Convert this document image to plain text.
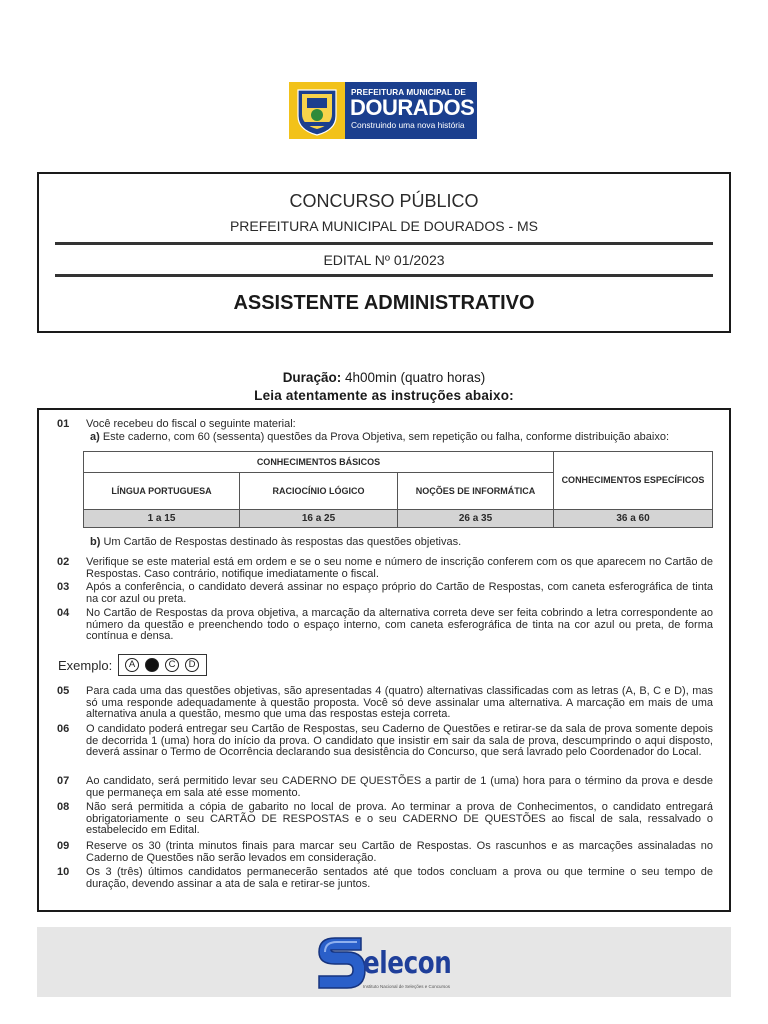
PREFEITURA MUNICIPAL DE
DOURADOS
Construindo uma nova história
CONCURSO PÚBLICO
PREFEITURA MUNICIPAL DE DOURADOS - MS
EDITAL Nº 01/2023
ASSISTENTE ADMINISTRATIVO
Duração: 4h00min (quatro horas)
Leia atentamente as instruções abaixo:
01 Você recebeu do fiscal o seguinte material:
a) Este caderno, com 60 (sessenta) questões da Prova Objetiva, sem repetição ou falha, conforme distribuição abaixo:
CONHECIMENTOS BÁSICOS			CONHECIMENTOS ESPECÍFICOS
LÍNGUA PORTUGUESA	RACIOCÍNIO LÓGICO	NOÇÕES DE INFORMÁTICA	
1 a 15	16 a 25	26 a 35	36 a 60
b) Um Cartão de Respostas destinado às respostas das questões objetivas.
02 Verifique se este material está em ordem e se o seu nome e número de inscrição conferem com os que aparecem no Cartão de Respostas. Caso contrário, notifique imediatamente o fiscal.
03 Após a conferência, o candidato deverá assinar no espaço próprio do Cartão de Respostas, com caneta esferográfica de tinta na cor azul ou preta.
04 No Cartão de Respostas da prova objetiva, a marcação da alternativa correta deve ser feita cobrindo a letra correspondente ao número da questão e preenchendo todo o espaço interno, com caneta esferográfica de tinta na cor azul ou preta, de forma contínua e densa.
Exemplo:	A	B	C	D
05 Para cada uma das questões objetivas, são apresentadas 4 (quatro) alternativas classificadas com as letras (A, B, C e D), mas só uma responde adequadamente à questão proposta. Você só deve assinalar uma alternativa. A marcação em mais de uma alternativa anula a questão, mesmo que uma das respostas esteja correta.
06 O candidato poderá entregar seu Cartão de Respostas, seu Caderno de Questões e retirar-se da sala de prova somente depois de decorrida 1 (uma) hora do início da prova. O candidato que insistir em sair da sala de prova, descumprindo o aqui disposto, deverá assinar o Termo de Ocorrência declarando sua desistência do Concurso, que será lavrado pelo Coordenador do Local.
07 Ao candidato, será permitido levar seu CADERNO DE QUESTÕES a partir de 1 (uma) hora para o término da prova e desde que permaneça em sala até esse momento.
08 Não será permitida a cópia de gabarito no local de prova. Ao terminar a prova de Conhecimentos, o candidato entregará obrigatoriamente o seu CARTÃO DE RESPOSTAS e o seu CADERNO DE QUESTÕES ao fiscal de sala, ressalvado o estabelecido em Edital.
09 Reserve os 30 (trinta minutos finais para marcar seu Cartão de Respostas. Os rascunhos e as marcações assinaladas no Caderno de Questões não serão levados em consideração.
10 Os 3 (três) últimos candidatos permanecerão sentados até que todos concluam a prova ou que termine o seu tempo de duração, devendo assinar a ata de sala e retirar-se juntos.
elecon
Instituto Nacional de Seleções e Concursos
